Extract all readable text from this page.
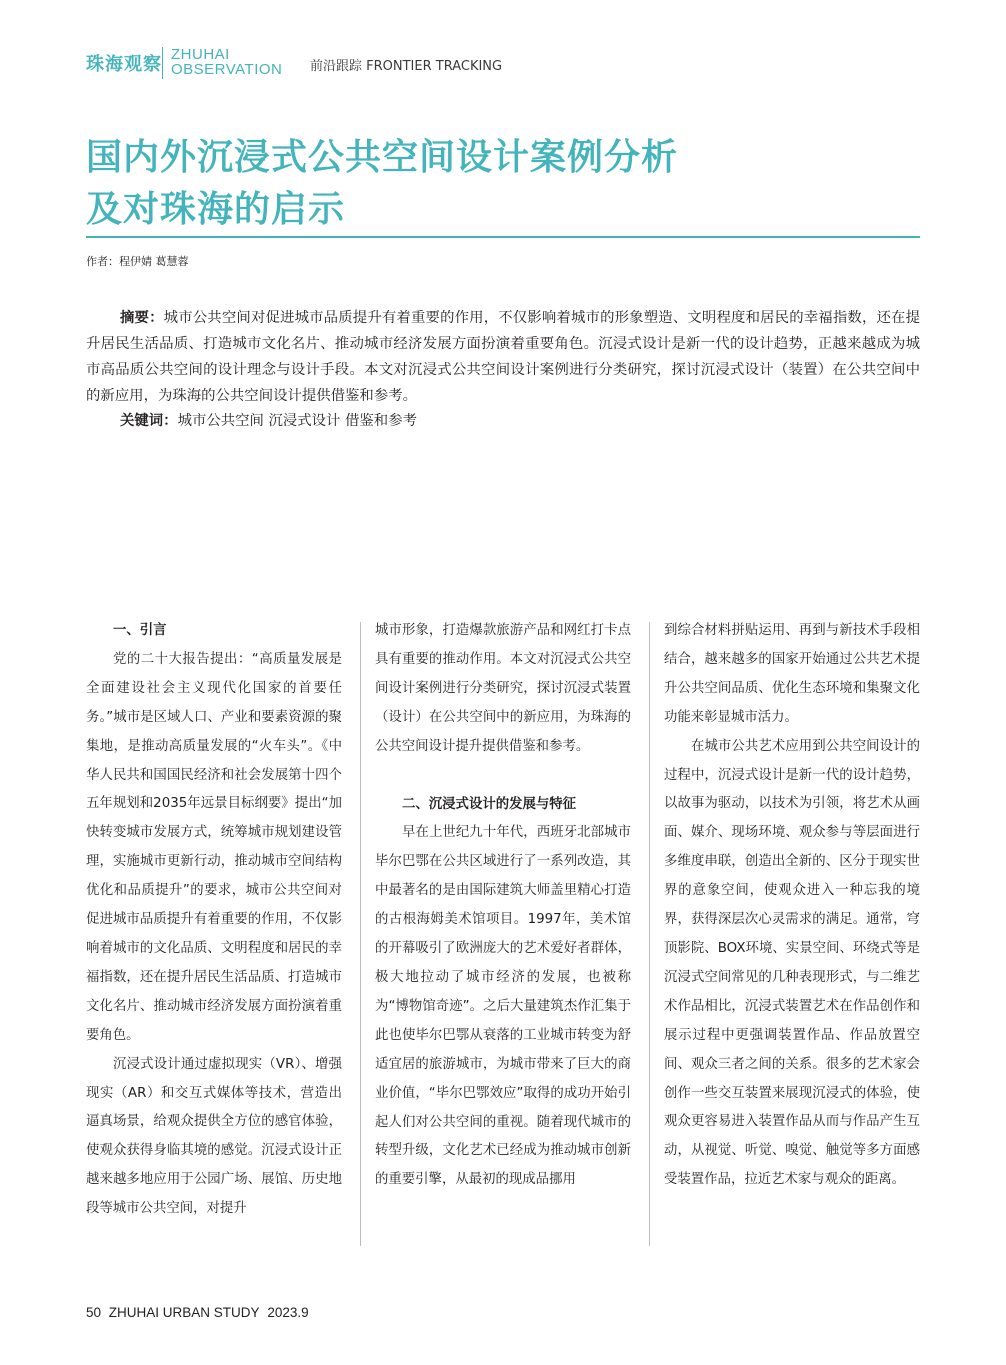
珠海观察 ZHUHAI
OBSERVATION 前沿跟踪 FRONTIER TRACKING
国内外沉浸式公共空间设计案例分析
及对珠海的启示
作者：程伊婧 葛慧蓉

摘要：城市公共空间对促进城市品质提升有着重要的作用，不仅影响着城市的形象塑造、文明程度和居民的幸福指数，还在提升居民生活品质、打造城市文化名片、推动城市经济发展方面扮演着重要角色。沉浸式设计是新一代的设计趋势，正越来越成为城市高品质公共空间的设计理念与设计手段。本文对沉浸式公共空间设计案例进行分类研究，探讨沉浸式设计（装置）在公共空间中的新应用，为珠海的公共空间设计提供借鉴和参考。

关键词：城市公共空间 沉浸式设计 借鉴和参考

一、引言

党的二十大报告提出：“高质量发展是全面建设社会主义现代化国家的首要任务。”城市是区域人口、产业和要素资源的聚集地，是推动高质量发展的“火车头”。《中华人民共和国国民经济和社会发展第十四个五年规划和2035年远景目标纲要》提出“加快转变城市发展方式，统筹城市规划建设管理，实施城市更新行动，推动城市空间结构优化和品质提升”的要求，城市公共空间对促进城市品质提升有着重要的作用，不仅影响着城市的文化品质、文明程度和居民的幸福指数，还在提升居民生活品质、打造城市文化名片、推动城市经济发展方面扮演着重要角色。

沉浸式设计通过虚拟现实（VR）、增强现实（AR）和交互式媒体等技术，营造出逼真场景，给观众提供全方位的感官体验，使观众获得身临其境的感觉。沉浸式设计正越来越多地应用于公园广场、展馆、历史地段等城市公共空间，对提升

城市形象，打造爆款旅游产品和网红打卡点具有重要的推动作用。本文对沉浸式公共空间设计案例进行分类研究，探讨沉浸式装置（设计）在公共空间中的新应用，为珠海的公共空间设计提升提供借鉴和参考。

二、沉浸式设计的发展与特征

早在上世纪九十年代，西班牙北部城市毕尔巴鄂在公共区域进行了一系列改造，其中最著名的是由国际建筑大师盖里精心打造的古根海姆美术馆项目。1997年，美术馆的开幕吸引了欧洲庞大的艺术爱好者群体，极大地拉动了城市经济的发展，也被称为“博物馆奇迹”。之后大量建筑杰作汇集于此也使毕尔巴鄂从衰落的工业城市转变为舒适宜居的旅游城市，为城市带来了巨大的商业价值，“毕尔巴鄂效应”取得的成功开始引起人们对公共空间的重视。随着现代城市的转型升级，文化艺术已经成为推动城市创新的重要引擎，从最初的现成品挪用

到综合材料拼贴运用、再到与新技术手段相结合，越来越多的国家开始通过公共艺术提升公共空间品质、优化生态环境和集聚文化功能来彰显城市活力。

在城市公共艺术应用到公共空间设计的过程中，沉浸式设计是新一代的设计趋势，以故事为驱动，以技术为引领，将艺术从画面、媒介、现场环境、观众参与等层面进行多维度串联，创造出全新的、区分于现实世界的意象空间，使观众进入一种忘我的境界，获得深层次心灵需求的满足。通常，穹顶影院、BOX环境、实景空间、环绕式等是沉浸式空间常见的几种表现形式，与二维艺术作品相比，沉浸式装置艺术在作品创作和展示过程中更强调装置作品、作品放置空间、观众三者之间的关系。很多的艺术家会创作一些交互装置来展现沉浸式的体验，使观众更容易进入装置作品从而与作品产生互动，从视觉、听觉、嗅觉、触觉等多方面感受装置作品，拉近艺术家与观众的距离。

50 ZHUHAI URBAN STUDY 2023.9
